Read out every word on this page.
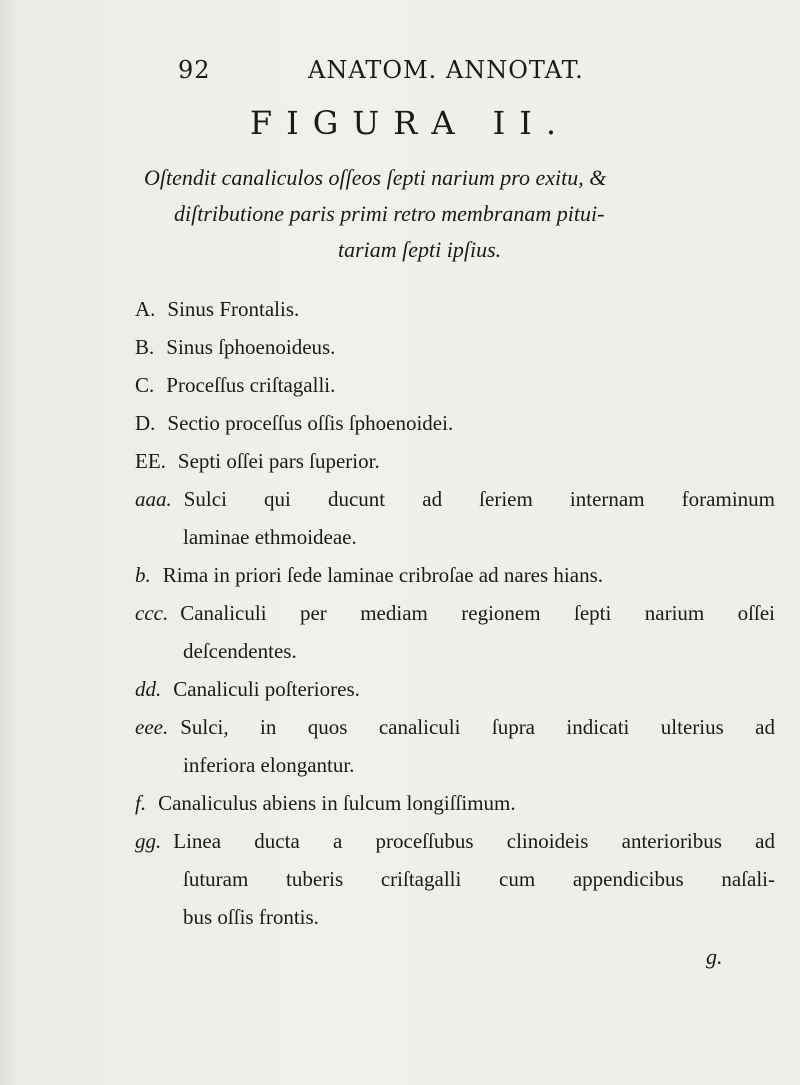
92	ANATOM. ANNOTAT.
FIGURA II.
Oſtendit canaliculos oſſeos ſepti narium pro exitu, &
diſtributione paris primi retro membranam pitui-
tariam ſepti ipſius.
A. Sinus Frontalis.
B. Sinus ſphoenoideus.
C. Proceſſus criſtagalli.
D. Sectio proceſſus oſſis ſphoenoidei.
EE. Septi oſſei pars ſuperior.
aaa. Sulci qui ducunt ad ſeriem internam foraminum
laminae ethmoideae.
b. Rima in priori ſede laminae cribroſae ad nares hians.
ccc. Canaliculi per mediam regionem ſepti narium oſſei
deſcendentes.
dd. Canaliculi poſteriores.
eee. Sulci, in quos canaliculi ſupra indicati ulterius ad
inferiora elongantur.
f. Canaliculus abiens in ſulcum longiſſimum.
gg. Linea ducta a proceſſubus clinoideis anterioribus ad
ſuturam tuberis criſtagalli cum appendicibus naſali-
bus oſſis frontis.
g.
